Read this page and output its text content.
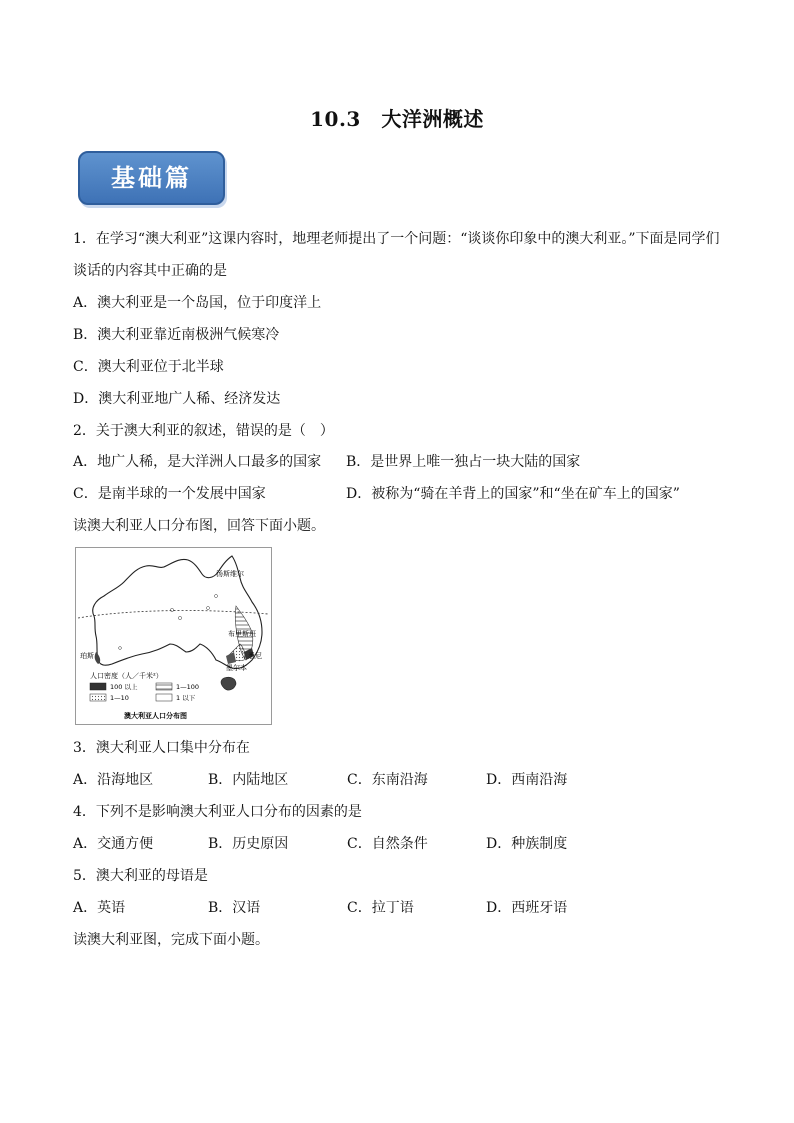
10.3　大洋洲概述
基础篇
1．在学习“澳大利亚”这课内容时，地理老师提出了一个问题：“谈谈你印象中的澳大利亚。”下面是同学们
谈话的内容其中正确的是
A．澳大利亚是一个岛国，位于印度洋上
B．澳大利亚靠近南极洲气候寒冷
C．澳大利亚位于北半球
D．澳大利亚地广人稀、经济发达
2．关于澳大利亚的叙述，错误的是（　）
A．地广人稀，是大洋洲人口最多的国家 B．是世界上唯一独占一块大陆的国家
C．是南半球的一个发展中国家	D．被称为“骑在羊背上的国家”和“坐在矿车上的国家”
读澳大利亚人口分布图，回答下面小题。
汤斯维尔
布里斯班
珀斯	悉尼
墨尔本
人口密度（人／千米²）
100 以上	1—100
1—10	1 以下
澳大利亚人口分布图
3．澳大利亚人口集中分布在
A．沿海地区	B．内陆地区	C．东南沿海	D．西南沿海
4．下列不是影响澳大利亚人口分布的因素的是
A．交通方便	B．历史原因	C．自然条件	D．种族制度
5．澳大利亚的母语是
A．英语	B．汉语	C．拉丁语	D．西班牙语
读澳大利亚图，完成下面小题。
